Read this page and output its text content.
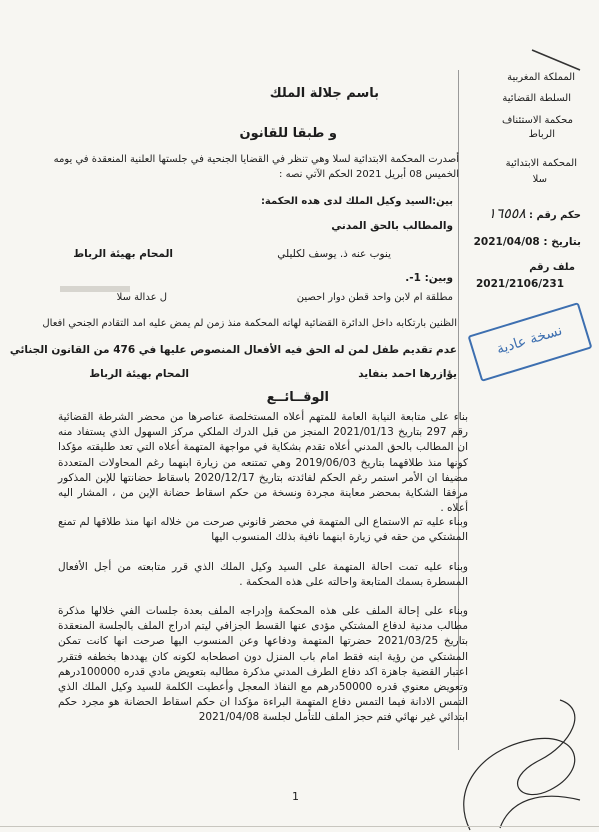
المملكة المغربية
السلطة القضائية
محكمة الاستئناف
الرباط
المحكمة الابتدائية
سلا
حكم رقم : ١٦٥٥٨
بتاريخ : 2021/04/08
ملف رقم
2021/2106/231
باسم جلالة الملك
و طبقا للقانون
أصدرت المحكمة الابتدائية لسلا وهي تنظر في القضايا الجنحية في جلستها العلنية المنعقدة في يومه
الخميس 08 أبريل 2021 الحكم الآتي نصه :
بين:السيد وكيل الملك لدى هده الحكمة:
والمطالب بالحق المدني
ينوب عنه ذ. يوسف لكليلي
المحام بهيئة الرباط
وبين: 1-.
مطلقة ام لابن واحد قطن دوار احصين
ل عدالة سلا
الظنين بارتكابه داخل الدائرة القضائية لهاته المحكمة منذ زمن لم يمض عليه امد التقادم الجنحي افعال
عدم تقديم طفل لمن له الحق فيه الأفعال المنصوص عليها في 476 من القانون الجنائي
يؤازرها احمد بنفايد
المحام بهيئة الرباط
نسخة عادية
الوقــائــع
بناء على متابعة النيابة العامة للمتهم أعلاه المستخلصة عناصرها من محضر الشرطة القضائية رقم 297 بتاريخ 2021/01/13 المنجز من قبل الدرك الملكي مركز السهول الذي يستفاد منه ان المطالب بالحق المدني أعلاه تقدم بشكاية في مواجهة المتهمة أعلاه التي تعد طليقته مؤكدا كونها منذ طلاقهما بتاريخ 2019/06/03 وهي تمتنعه من زيارة ابنهما رغم المحاولات المتعددة مضيفا ان الأمر استمر رغم الحكم لفائدته بتاريخ 2020/12/17 باسقاط حضانتها للإبن المذكور مرفقا الشكاية بمحضر معاينة مجردة ونسخة من حكم اسقاط حضانة الإبن من ، المشار اليه أعلاه .
وبناء عليه تم الاستماع الى المتهمة في محضر قانوني صرحت من خلاله انها منذ طلاقها لم تمنع المشتكي من حقه في زيارة ابنهما نافية بذلك المنسوب اليها
وبناء عليه تمت احالة المتهمة على السيد وكيل الملك الذي قرر متابعته من أجل الأفعال المسطرة بسمك المتابعة واحالته على هذه المحكمة .
وبناء على إحالة الملف على هذه المحكمة وإدراجه الملف بعدة جلسات الفي خلالها مذكرة مطالب مدنية لدفاع المشتكي مؤدى عنها القسط الجزافي ليتم ادراج الملف بالجلسة المنعقدة بتاريخ 2021/03/25 حضرتها المتهمة ودفاعها وعن المنسوب اليها صرحت انها كانت تمكن المشتكي من رؤية ابنه فقط امام باب المنزل دون اصطحابه لكونه كان يهددها بخطفه فتقرر اعتبار القضية جاهزة اكد دفاع الطرف المدني مذكرة مطالبه بتعويض مادي قدره 100000درهم وتعويض معنوي قدره 50000درهم مع النفاذ المعجل وأعطيت الكلمة للسيد وكيل الملك الذي التمس الادانة فيما التمس دفاع المتهمة البراءة مؤكدا ان حكم اسقاط الحضانة هو مجرد حكم ابتدائي غير نهائي فتم حجز الملف للتأمل لجلسة 2021/04/08
1
